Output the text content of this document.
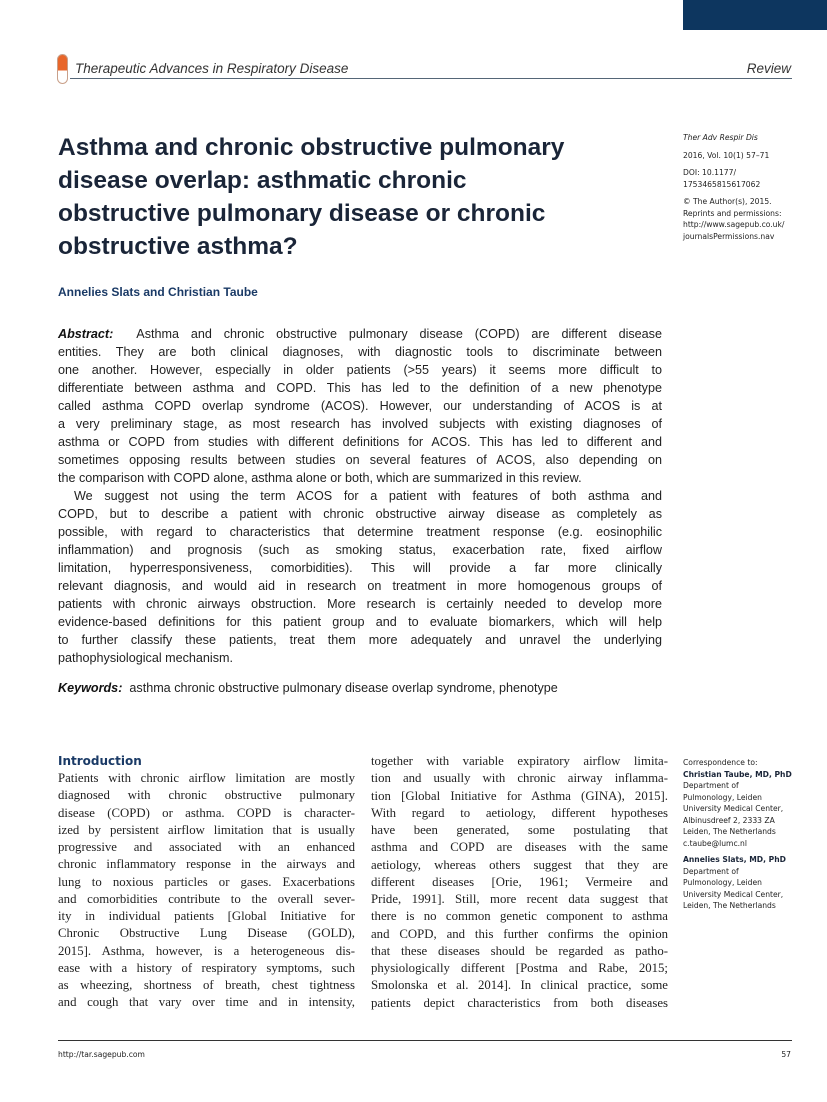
Therapeutic Advances in Respiratory Disease	Review
Asthma and chronic obstructive pulmonary
disease overlap: asthmatic chronic
obstructive pulmonary disease or chronic
obstructive asthma?
Annelies Slats and Christian Taube
Abstract: Asthma and chronic obstructive pulmonary disease (COPD) are different disease
entities. They are both clinical diagnoses, with diagnostic tools to discriminate between
one another. However, especially in older patients (>55 years) it seems more difficult to
differentiate between asthma and COPD. This has led to the definition of a new phenotype
called asthma COPD overlap syndrome (ACOS). However, our understanding of ACOS is at
a very preliminary stage, as most research has involved subjects with existing diagnoses of
asthma or COPD from studies with different definitions for ACOS. This has led to different and
sometimes opposing results between studies on several features of ACOS, also depending on
the comparison with COPD alone, asthma alone or both, which are summarized in this review.
We suggest not using the term ACOS for a patient with features of both asthma and
COPD, but to describe a patient with chronic obstructive airway disease as completely as
possible, with regard to characteristics that determine treatment response (e.g. eosinophilic
inflammation) and prognosis (such as smoking status, exacerbation rate, fixed airflow
limitation, hyperresponsiveness, comorbidities). This will provide a far more clinically
relevant diagnosis, and would aid in research on treatment in more homogenous groups of
patients with chronic airways obstruction. More research is certainly needed to develop more
evidence-based definitions for this patient group and to evaluate biomarkers, which will help
to further classify these patients, treat them more adequately and unravel the underlying
pathophysiological mechanism.
Keywords: asthma chronic obstructive pulmonary disease overlap syndrome, phenotype

Ther Adv Respir Dis

2016, Vol. 10(1) 57–71

DOI: 10.1177/
1753465815617062

© The Author(s), 2015.
Reprints and permissions:
http://www.sagepub.co.uk/
journalsPermissions.nav

Introduction
Patients with chronic airflow limitation are mostly
diagnosed with chronic obstructive pulmonary
disease (COPD) or asthma. COPD is character-
ized by persistent airflow limitation that is usually
progressive and associated with an enhanced
chronic inflammatory response in the airways and
lung to noxious particles or gases. Exacerbations
and comorbidities contribute to the overall sever-
ity in individual patients [Global Initiative for
Chronic Obstructive Lung Disease (GOLD),
2015]. Asthma, however, is a heterogeneous dis-
ease with a history of respiratory symptoms, such
as wheezing, shortness of breath, chest tightness
and cough that vary over time and in intensity,
together with variable expiratory airflow limita-
tion and usually with chronic airway inflamma-
tion [Global Initiative for Asthma (GINA), 2015].
With regard to aetiology, different hypotheses
have been generated, some postulating that
asthma and COPD are diseases with the same
aetiology, whereas others suggest that they are
different diseases [Orie, 1961; Vermeire and
Pride, 1991]. Still, more recent data suggest that
there is no common genetic component to asthma
and COPD, and this further confirms the opinion
that these diseases should be regarded as patho-
physiologically different [Postma and Rabe, 2015;
Smolonska et al. 2014]. In clinical practice, some
patients depict characteristics from both diseases
Correspondence to:
Christian Taube, MD, PhD
Department of
Pulmonology, Leiden
University Medical Center,
Albinusdreef 2, 2333 ZA
Leiden, The Netherlands
c.taube@lumc.nl
Annelies Slats, MD, PhD
Department of
Pulmonology, Leiden
University Medical Center,
Leiden, The Netherlands
http://tar.sagepub.com	57
